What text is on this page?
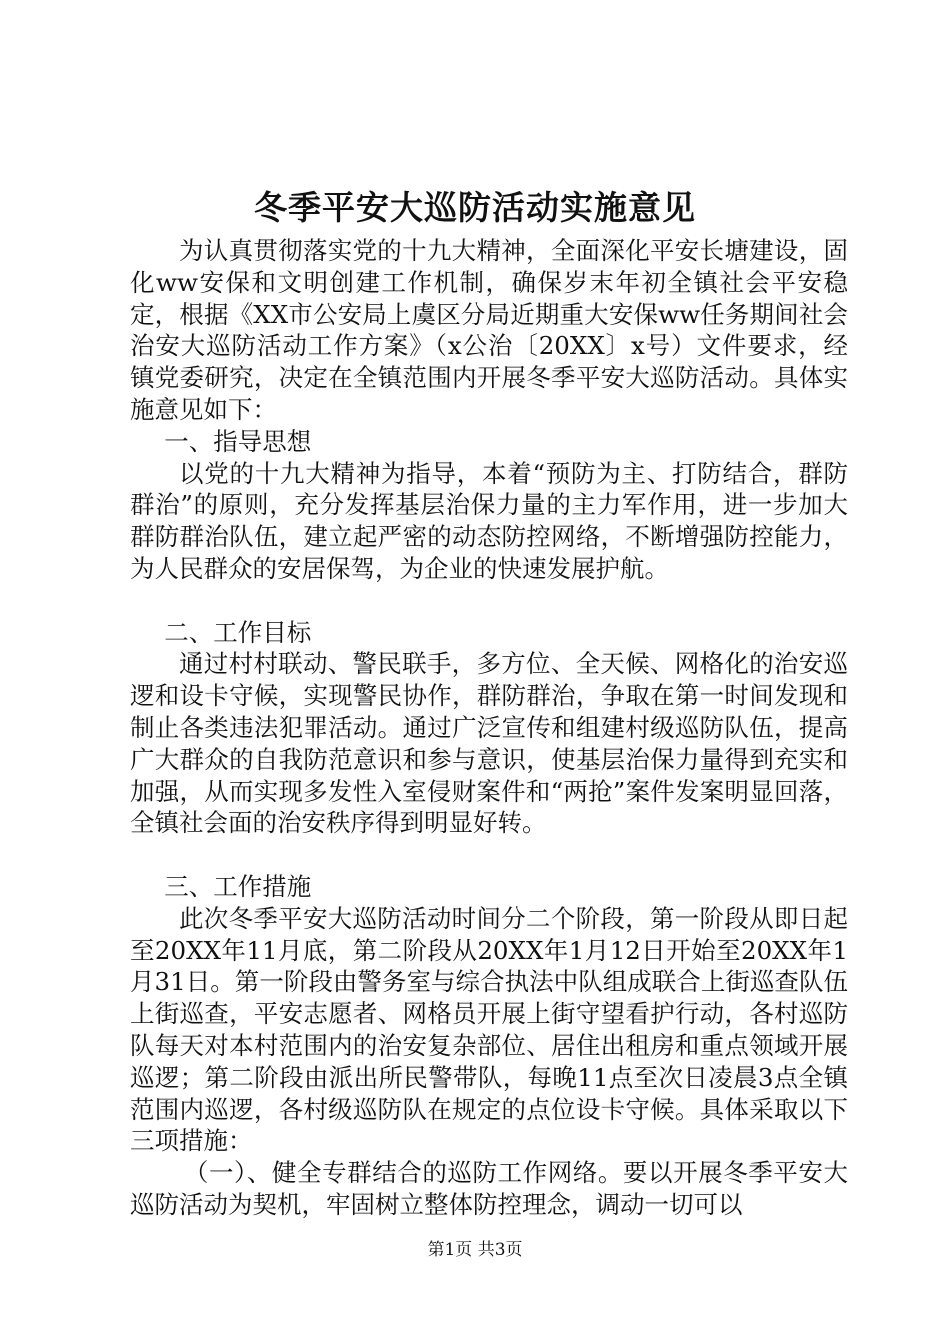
冬季平安大巡防活动实施意见

为认真贯彻落实党的十九大精神，全面深化平安长塘建设，固化ww安保和文明创建工作机制，确保岁末年初全镇社会平安稳定，根据《XX市公安局上虞区分局近期重大安保ww任务期间社会治安大巡防活动工作方案》（x公治〔20XX〕x号）文件要求，经镇党委研究，决定在全镇范围内开展冬季平安大巡防活动。具体实施意见如下：

一、指导思想

以党的十九大精神为指导，本着“预防为主、打防结合，群防群治”的原则，充分发挥基层治保力量的主力军作用，进一步加大群防群治队伍，建立起严密的动态防控网络，不断增强防控能力，为人民群众的安居保驾，为企业的快速发展护航。

二、工作目标

通过村村联动、警民联手，多方位、全天候、网格化的治安巡逻和设卡守候，实现警民协作，群防群治，争取在第一时间发现和制止各类违法犯罪活动。通过广泛宣传和组建村级巡防队伍，提高广大群众的自我防范意识和参与意识，使基层治保力量得到充实和加强，从而实现多发性入室侵财案件和“两抢”案件发案明显回落，全镇社会面的治安秩序得到明显好转。

三、工作措施

此次冬季平安大巡防活动时间分二个阶段，第一阶段从即日起至20XX年11月底，第二阶段从20XX年1月12日开始至20XX年1月31日。第一阶段由警务室与综合执法中队组成联合上街巡查队伍上街巡查，平安志愿者、网格员开展上街守望看护行动，各村巡防队每天对本村范围内的治安复杂部位、居住出租房和重点领域开展巡逻；第二阶段由派出所民警带队，每晚11点至次日凌晨3点全镇范围内巡逻，各村级巡防队在规定的点位设卡守候。具体采取以下三项措施：

（一）、健全专群结合的巡防工作网络。要以开展冬季平安大巡防活动为契机，牢固树立整体防控理念，调动一切可以

第1页 共3页
